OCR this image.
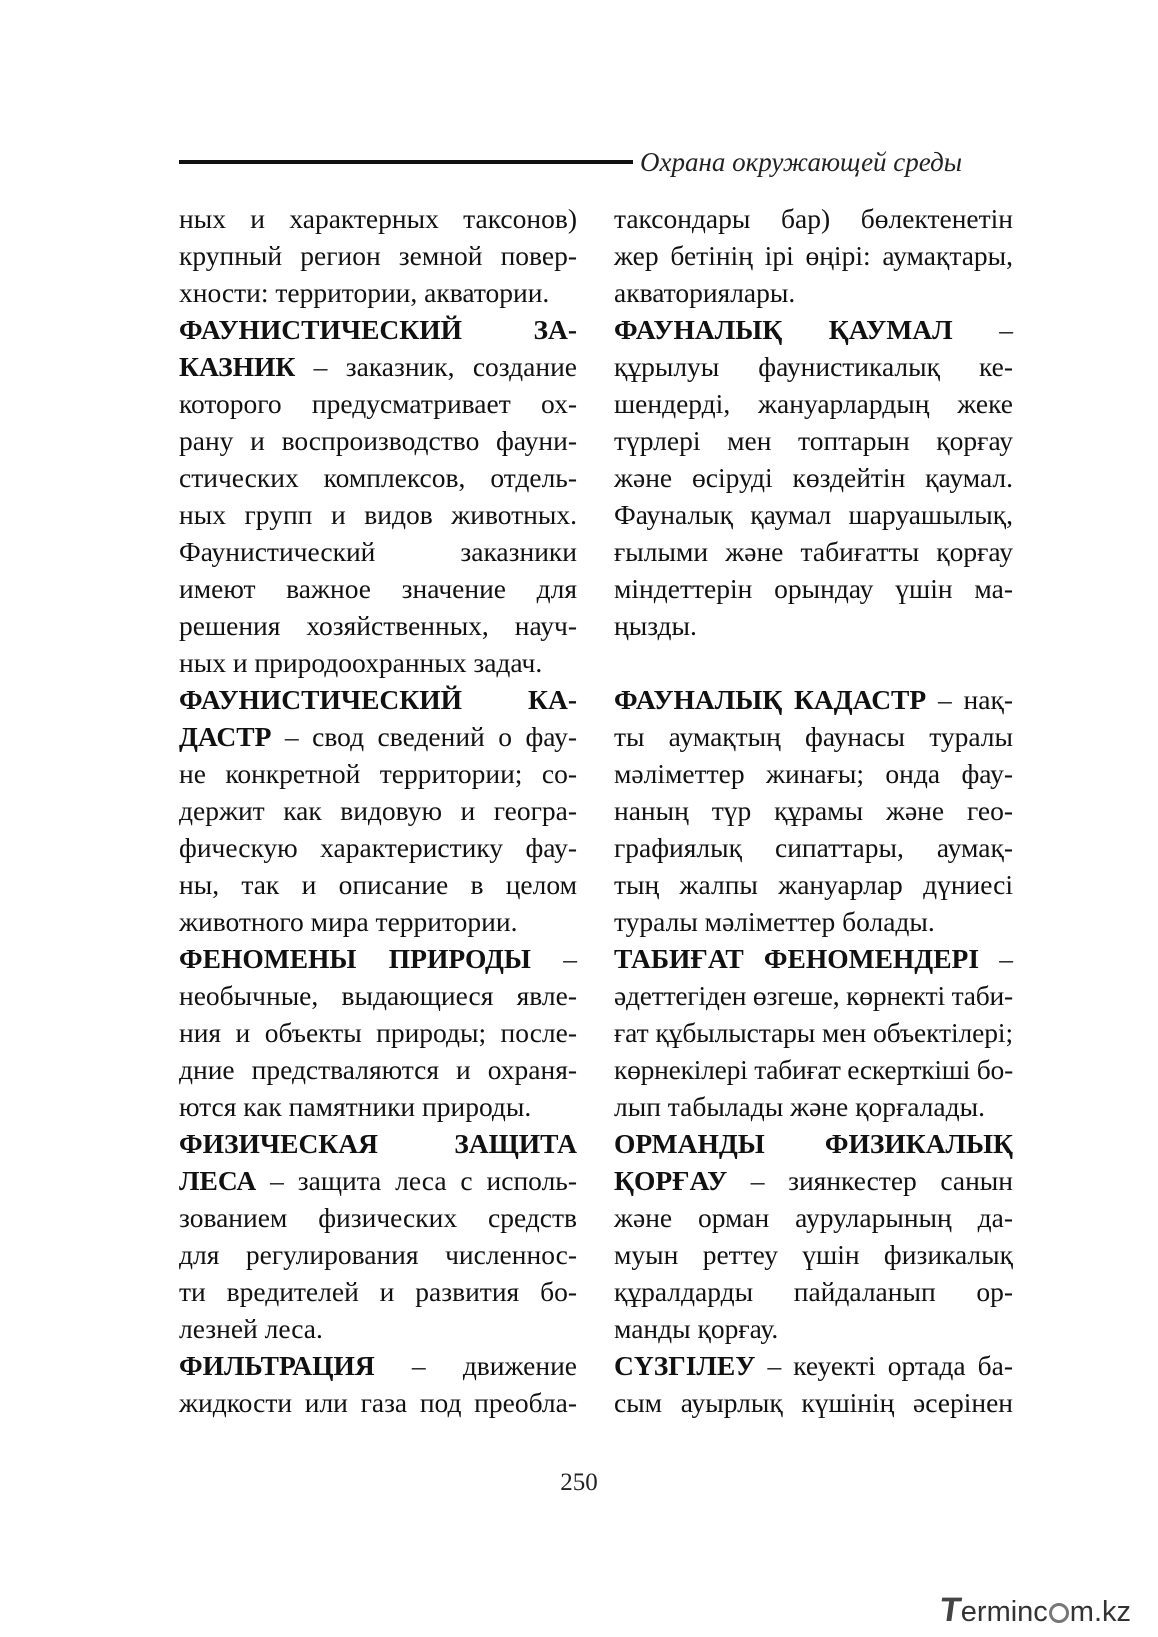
Охрана окружающей среды
ных и характерных таксонов)
крупный регион земной повер-
хности: территории, акватории.
ФАУНИСТИЧЕСКИЙ ЗА-
КАЗНИК – заказник, создание
которого предусматривает ох-
рану и воспроизводство фауни-
стических комплексов, отдель-
ных групп и видов животных.
Фаунистический заказники
имеют важное значение для
решения хозяйственных, науч-
ных и природоохранных задач.
ФАУНИСТИЧЕСКИЙ КА-
ДАСТР – свод сведений о фау-
не конкретной территории; со-
держит как видовую и геогра-
фическую характеристику фау-
ны, так и описание в целом
животного мира территории.
ФЕНОМЕНЫ ПРИРОДЫ –
необычные, выдающиеся явле-
ния и объекты природы; после-
дние предстваляются и охраня-
ются как памятники природы.
ФИЗИЧЕСКАЯ ЗАЩИТА
ЛЕСА – защита леса с исполь-
зованием физических средств
для регулирования численнос-
ти вредителей и развития бо-
лезней леса.
ФИЛЬТРАЦИЯ – движение
жидкости или газа под преобла-
таксондары бар) бөлектенетін
жер бетінің ірі өңірі: аумақтары,
акваториялары.
ФАУНАЛЫҚ ҚАУМАЛ –
құрылуы фаунистикалық ке-
шендерді, жануарлардың жеке
түрлері мен топтарын қорғау
және өсіруді көздейтін қаумал.
Фауналық қаумал шаруашылық,
ғылыми және табиғатты қорғау
міндеттерін орындау үшін ма-
ңызды.
ФАУНАЛЫҚ КАДАСТР – нақ-
ты аумақтың фаунасы туралы
мәліметтер жинағы; онда фау-
наның түр құрамы және гео-
графиялық сипаттары, аумақ-
тың жалпы жануарлар дүниесі
туралы мәліметтер болады.
ТАБИҒАТ ФЕНОМЕНДЕРІ –
әдеттегіден өзгеше, көрнекті таби-
ғат құбылыстары мен объектілері;
көрнекілері табиғат ескерткіші бо-
лып табылады және қорғалады.
ОРМАНДЫ ФИЗИКАЛЫҚ
ҚОРҒАУ – зиянкестер санын
және орман ауруларының да-
муын реттеу үшін физикалық
құралдарды пайдаланып ор-
манды қорғау.
СҮЗГІЛЕУ – кеуекті ортада ба-
сым ауырлық күшінің әсерінен
250
Terminc m.kz
